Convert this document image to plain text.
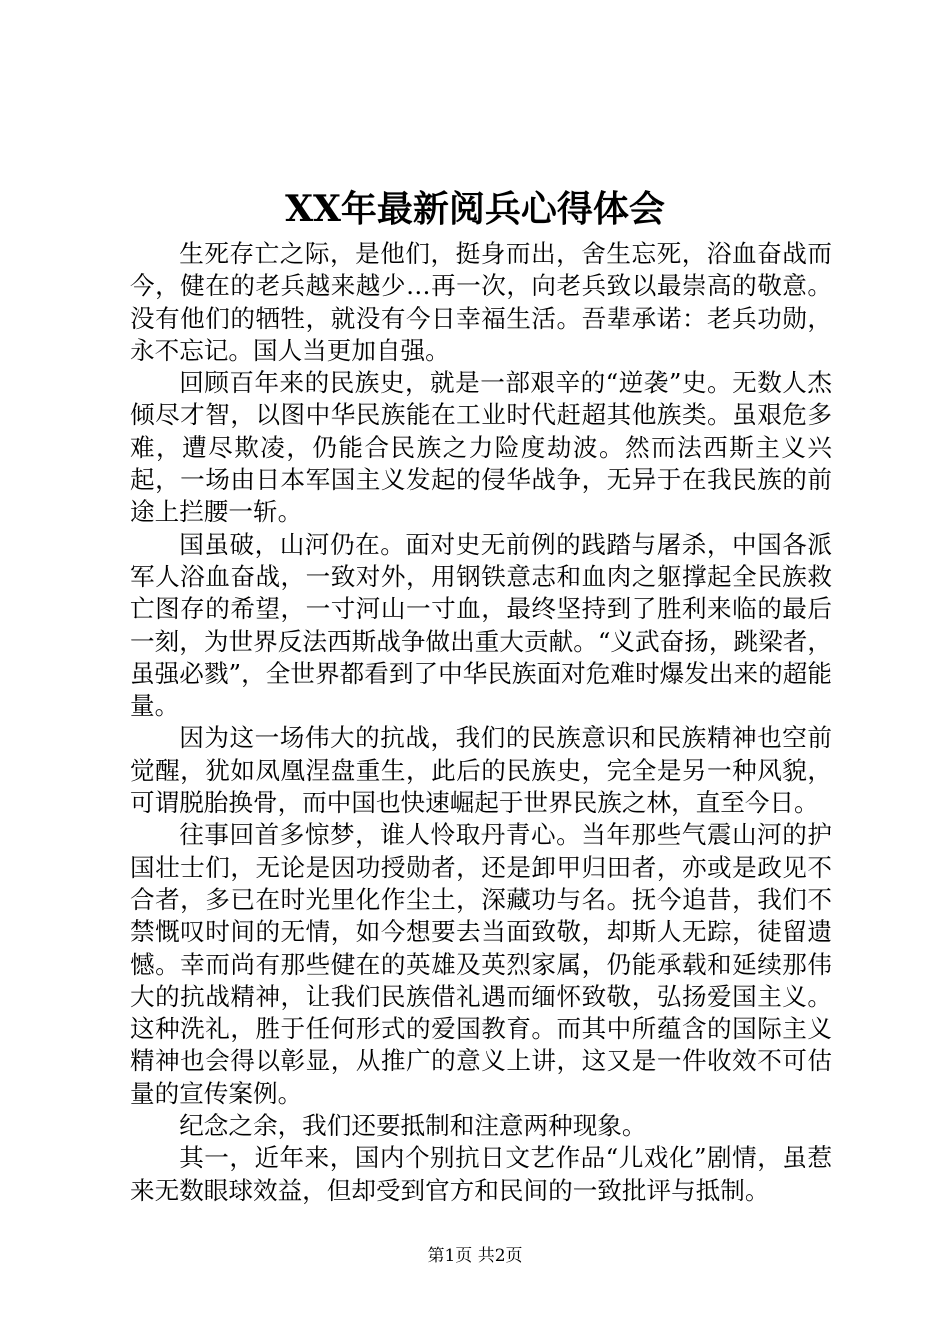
XX年最新阅兵心得体会

生死存亡之际，是他们，挺身而出，舍生忘死，浴血奋战而今，健在的老兵越来越少…再一次，向老兵致以最崇高的敬意。没有他们的牺牲，就没有今日幸福生活。吾辈承诺：老兵功勋，永不忘记。国人当更加自强。

回顾百年来的民族史，就是一部艰辛的“逆袭”史。无数人杰倾尽才智，以图中华民族能在工业时代赶超其他族类。虽艰危多难，遭尽欺凌，仍能合民族之力险度劫波。然而法西斯主义兴起，一场由日本军国主义发起的侵华战争，无异于在我民族的前途上拦腰一斩。

国虽破，山河仍在。面对史无前例的践踏与屠杀，中国各派军人浴血奋战，一致对外，用钢铁意志和血肉之躯撑起全民族救亡图存的希望，一寸河山一寸血，最终坚持到了胜利来临的最后一刻，为世界反法西斯战争做出重大贡献。“义武奋扬，跳梁者，虽强必戮”，全世界都看到了中华民族面对危难时爆发出来的超能量。

因为这一场伟大的抗战，我们的民族意识和民族精神也空前觉醒，犹如凤凰涅盘重生，此后的民族史，完全是另一种风貌，可谓脱胎换骨，而中国也快速崛起于世界民族之林，直至今日。

往事回首多惊梦，谁人怜取丹青心。当年那些气震山河的护国壮士们，无论是因功授勋者，还是卸甲归田者，亦或是政见不合者，多已在时光里化作尘土，深藏功与名。抚今追昔，我们不禁慨叹时间的无情，如今想要去当面致敬，却斯人无踪，徒留遗憾。幸而尚有那些健在的英雄及英烈家属，仍能承载和延续那伟大的抗战精神，让我们民族借礼遇而缅怀致敬，弘扬爱国主义。这种洗礼，胜于任何形式的爱国教育。而其中所蕴含的国际主义精神也会得以彰显，从推广的意义上讲，这又是一件收效不可估量的宣传案例。

纪念之余，我们还要抵制和注意两种现象。

其一，近年来，国内个别抗日文艺作品“儿戏化”剧情，虽惹来无数眼球效益，但却受到官方和民间的一致批评与抵制。

第1页 共2页
